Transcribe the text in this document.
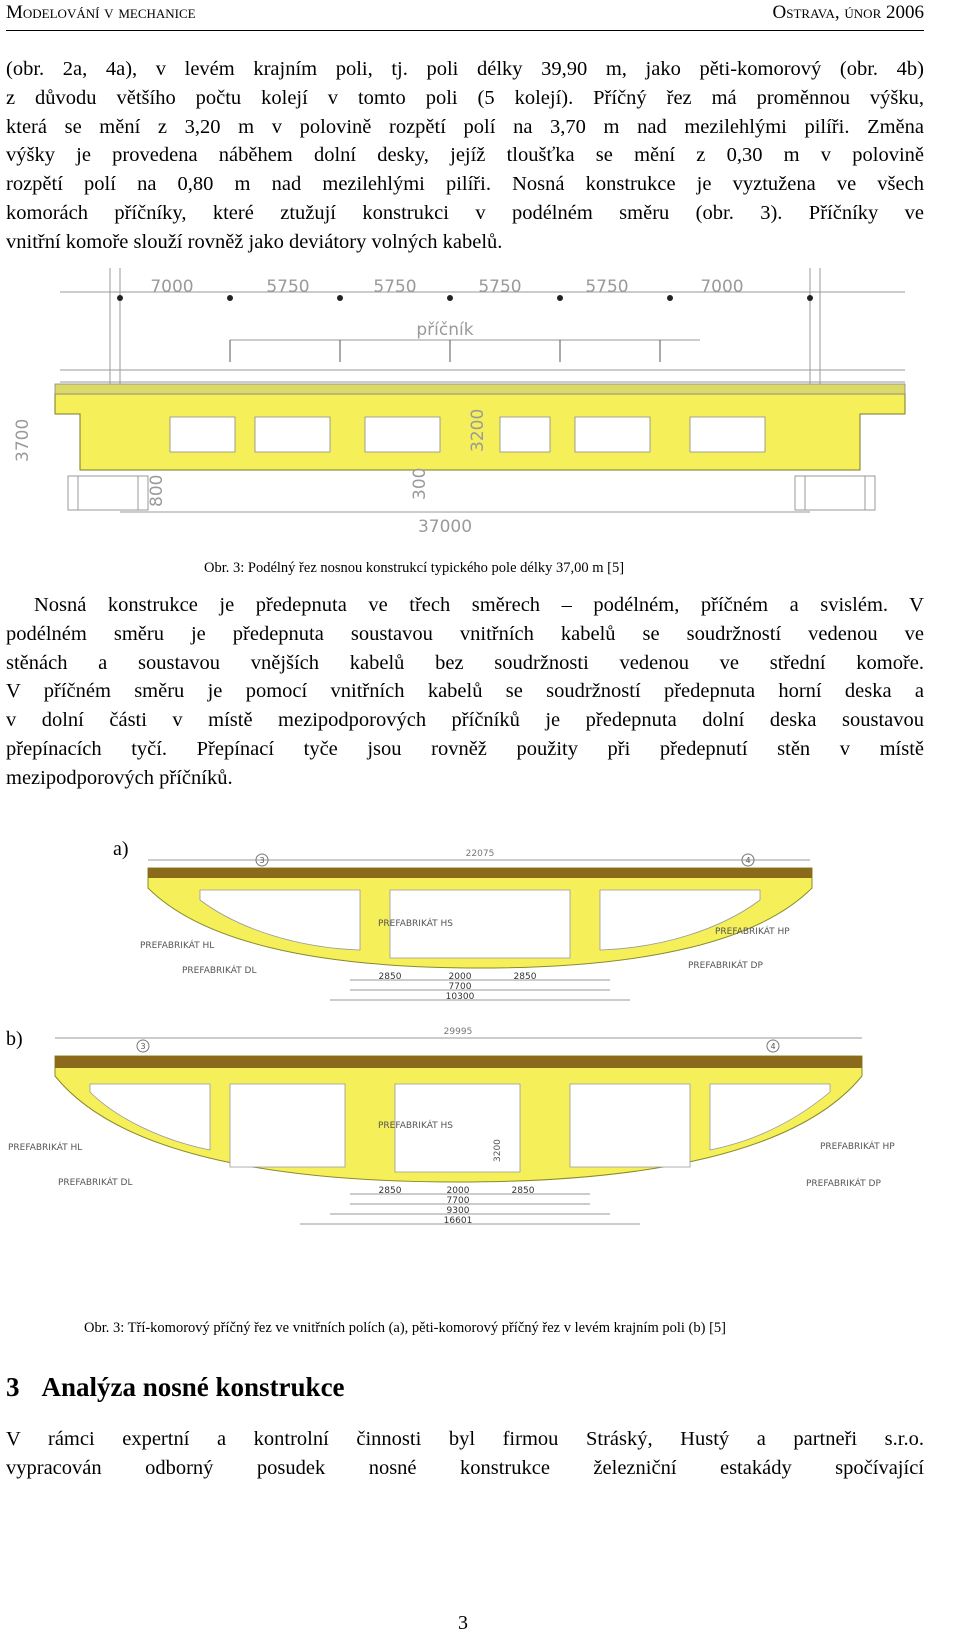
Modelování v mechanice	Ostrava, únor 2006
(obr. 2a, 4a), v levém krajním poli, tj. poli délky 39,90 m, jako pěti-komorový (obr. 4b)
z důvodu většího počtu kolejí v tomto poli (5 kolejí). Příčný řez má proměnnou výšku,
která se mění z 3,20 m v polovině rozpětí polí na 3,70 m nad mezilehlými pilíři. Změna
výšky je provedena náběhem dolní desky, jejíž tloušťka se mění z 0,30 m v polovině
rozpětí polí na 0,80 m nad mezilehlými pilíři. Nosná konstrukce je vyztužena ve všech
komorách příčníky, které ztužují konstrukci v podélném směru (obr. 3). Příčníky ve
vnitřní komoře slouží rovněž jako deviátory volných kabelů.
7000	5750	5750	5750	5750	7000
příčník
37000
3700	3200
800	300
Obr. 3: Podélný řez nosnou konstrukcí typického pole délky 37,00 m [5]
Nosná konstrukce je předepnuta ve třech směrech – podélném, příčném a svislém. V
podélném směru je předepnuta soustavou vnitřních kabelů se soudržností vedenou ve
stěnách a soustavou vnějších kabelů bez soudržnosti vedenou ve střední komoře.
V příčném směru je pomocí vnitřních kabelů se soudržností předepnuta horní deska a
v dolní části v místě mezipodporových příčníků je předepnuta dolní deska soustavou
přepínacích tyčí. Přepínací tyče jsou rovněž použity při předepnutí stěn v místě
mezipodporových příčníků.
a)	22075
3	4
PREFABRIKÁT HL
PREFABRIKÁT DL
PREFABRIKÁT HS
PREFABRIKÁT HP
PREFABRIKÁT DP
2850	2000	2850
7700
10300
b)	29995
3	4
3200
PREFABRIKÁT HL
PREFABRIKÁT DL
PREFABRIKÁT HS
PREFABRIKÁT HP
PREFABRIKÁT DP
2850	2000	2850
7700
9300
16601
Obr. 3: Tří-komorový příčný řez ve vnitřních polích (a), pěti-komorový příčný řez v levém krajním poli (b) [5]
3 Analýza nosné konstrukce
V rámci expertní a kontrolní činnosti byl firmou Stráský, Hustý a partneři s.r.o.
vypracován odborný posudek nosné konstrukce železniční estakády spočívající
3
